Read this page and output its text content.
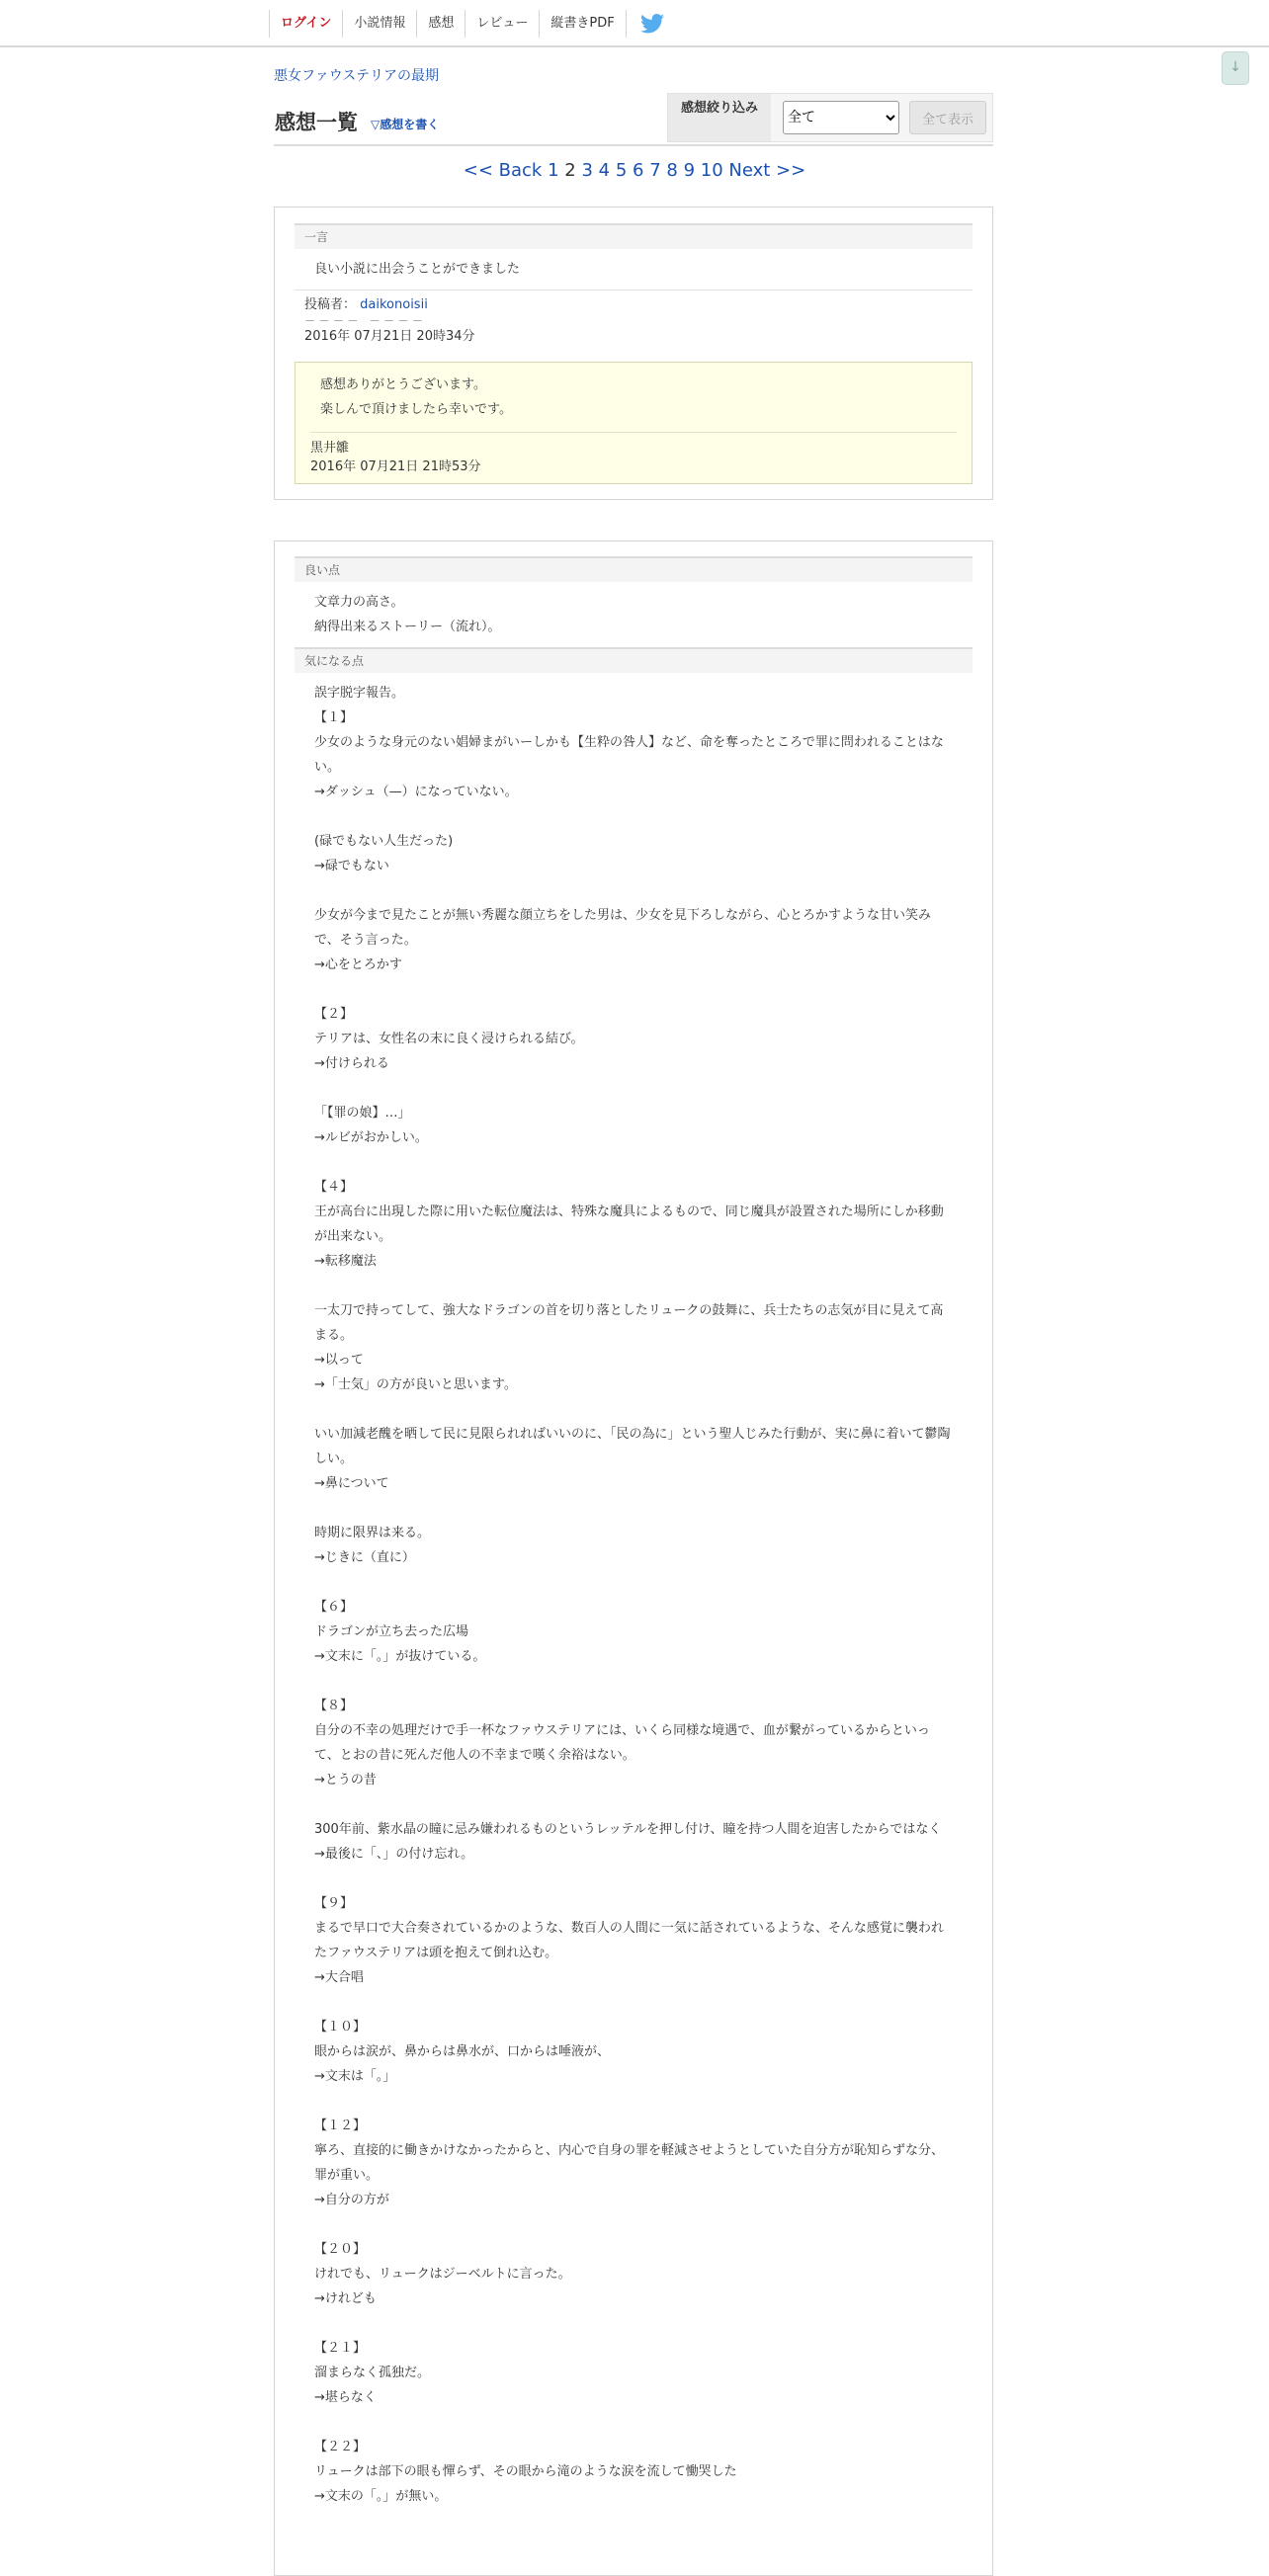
ログイン	小説情報	感想	レビュー	縦書きPDF
↓
悪女ファウステリアの最期
感想一覧 ▽感想を書く
感想絞り込み
全て
全て表示
<< Back 1 2 3 4 5 6 7 8 9 10 Next >>
一言
良い小説に出会うことができました
投稿者： daikonoisii
－ － － －　－ － － －
2016年 07月21日 20時34分
感想ありがとうございます。
楽しんで頂けましたら幸いです。
黒井雛
2016年 07月21日 21時53分
良い点
文章力の高さ。
納得出来るストーリー（流れ）。
気になる点
誤字脱字報告。
【１】
少女のような身元のない娼婦まがいーしかも【生粋の咎人】など、命を奪ったところで罪に問われることはない。
→ダッシュ（—）になっていない。
(碌でもない人生だった)
→碌でもない
少女が今まで見たことが無い秀麗な顔立ちをした男は、少女を見下ろしながら、心とろかすような甘い笑みで、そう言った。
→心をとろかす
【２】
テリアは、女性名の末に良く浸けられる結び。
→付けられる
「【罪の娘】…」
→ルビがおかしい。
【４】
王が高台に出現した際に用いた転位魔法は、特殊な魔具によるもので、同じ魔具が設置された場所にしか移動が出来ない。
→転移魔法
一太刀で持ってして、強大なドラゴンの首を切り落としたリュークの鼓舞に、兵士たちの志気が目に見えて高まる。
→以って
→「士気」の方が良いと思います。
いい加減老醜を晒して民に見限られればいいのに、「民の為に」という聖人じみた行動が、実に鼻に着いて鬱陶しい。
→鼻について
時期に限界は来る。
→じきに（直に）
【６】
ドラゴンが立ち去った広場
→文末に「。」が抜けている。
【８】
自分の不幸の処理だけで手一杯なファウステリアには、いくら同様な境遇で、血が繋がっているからといって、とおの昔に死んだ他人の不幸まで嘆く余裕はない。
→とうの昔
300年前、紫水晶の瞳に忌み嫌われるものというレッテルを押し付け、瞳を持つ人間を迫害したからではなく
→最後に「、」の付け忘れ。
【９】
まるで早口で大合奏されているかのような、数百人の人間に一気に話されているような、そんな感覚に襲われたファウステリアは頭を抱えて倒れ込む。
→大合唱
【１０】
眼からは涙が、鼻からは鼻水が、口からは唾液が、
→文末は「。」
【１２】
寧ろ、直接的に働きかけなかったからと、内心で自身の罪を軽減させようとしていた自分方が恥知らずな分、罪が重い。
→自分の方が
【２０】
けれでも、リュークはジーベルトに言った。
→けれども
【２１】
溜まらなく孤独だ。
→堪らなく
【２２】
リュークは部下の眼も憚らず、その眼から滝のような涙を流して慟哭した
→文末の「。」が無い。
